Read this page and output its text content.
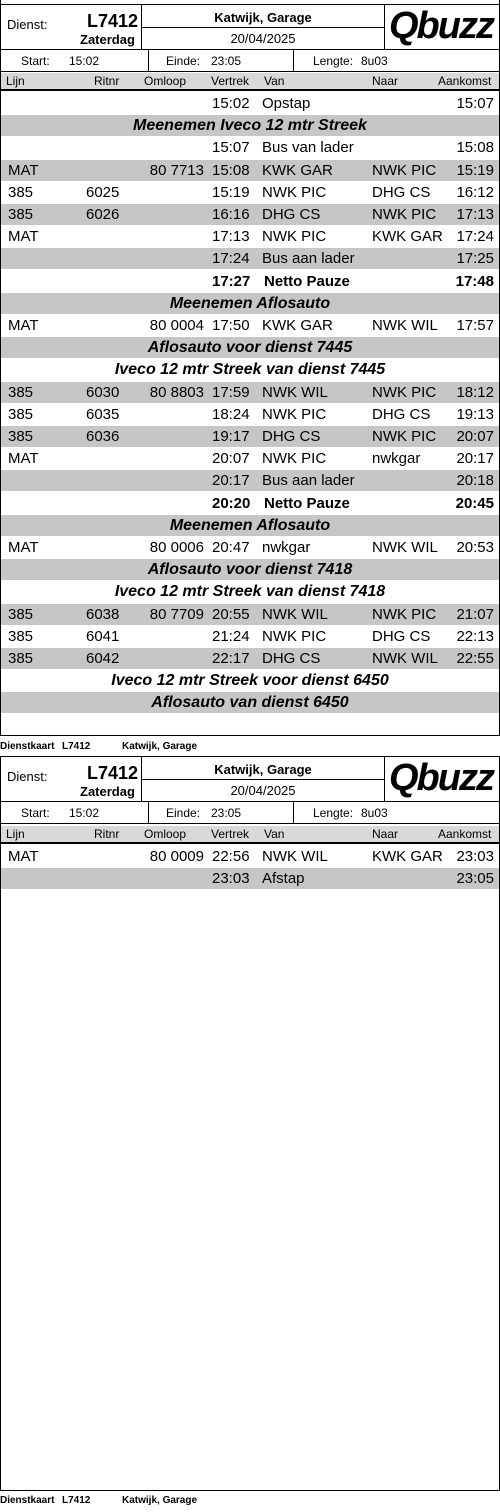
Dienst: L7412
Zaterdag
Katwijk, Garage
20/04/2025	Qbuzz
Start: 15:02	Einde: 23:05	Lengte: 8u03
Lijn	Ritnr Omloop Vertrek Van	Naar	Aankomst
15:02 Opstap	15:07
Meenemen Iveco 12 mtr Streek
15:07 Bus van lader	15:08
MAT	80 7713 15:08 KWK GAR	NWK PIC	15:19
385	6025	15:19 NWK PIC	DHG CS	16:12
385	6026	16:16 DHG CS	NWK PIC	17:13
MAT	17:13 NWK PIC	KWK GAR 17:24
17:24 Bus aan lader	17:25
17:27 Netto Pauze	17:48
Meenemen Aflosauto
MAT	80 0004 17:50 KWK GAR	NWK WIL	17:57
Aflosauto voor dienst 7445
Iveco 12 mtr Streek van dienst 7445
385	6030	80 8803 17:59 NWK WIL	NWK PIC	18:12
385	6035	18:24 NWK PIC	DHG CS	19:13
385	6036	19:17 DHG CS	NWK PIC	20:07
MAT	20:07 NWK PIC	nwkgar	20:17
20:17 Bus aan lader	20:18
20:20 Netto Pauze	20:45
Meenemen Aflosauto
MAT	80 0006 20:47 nwkgar	NWK WIL	20:53
Aflosauto voor dienst 7418
Iveco 12 mtr Streek van dienst 7418
385	6038	80 7709 20:55 NWK WIL	NWK PIC	21:07
385	6041	21:24 NWK PIC	DHG CS	22:13
385	6042	22:17 DHG CS	NWK WIL	22:55
Iveco 12 mtr Streek voor dienst 6450
Aflosauto van dienst 6450
Dienstkaart L7412	Katwijk, Garage
Dienst: L7412
Zaterdag
Katwijk, Garage
20/04/2025	Qbuzz
Start: 15:02	Einde: 23:05	Lengte: 8u03
Lijn	Ritnr Omloop Vertrek Van	Naar	Aankomst
MAT	80 0009 22:56 NWK WIL	KWK GAR 23:03
23:03 Afstap	23:05
Dienstkaart L7412	Katwijk, Garage
